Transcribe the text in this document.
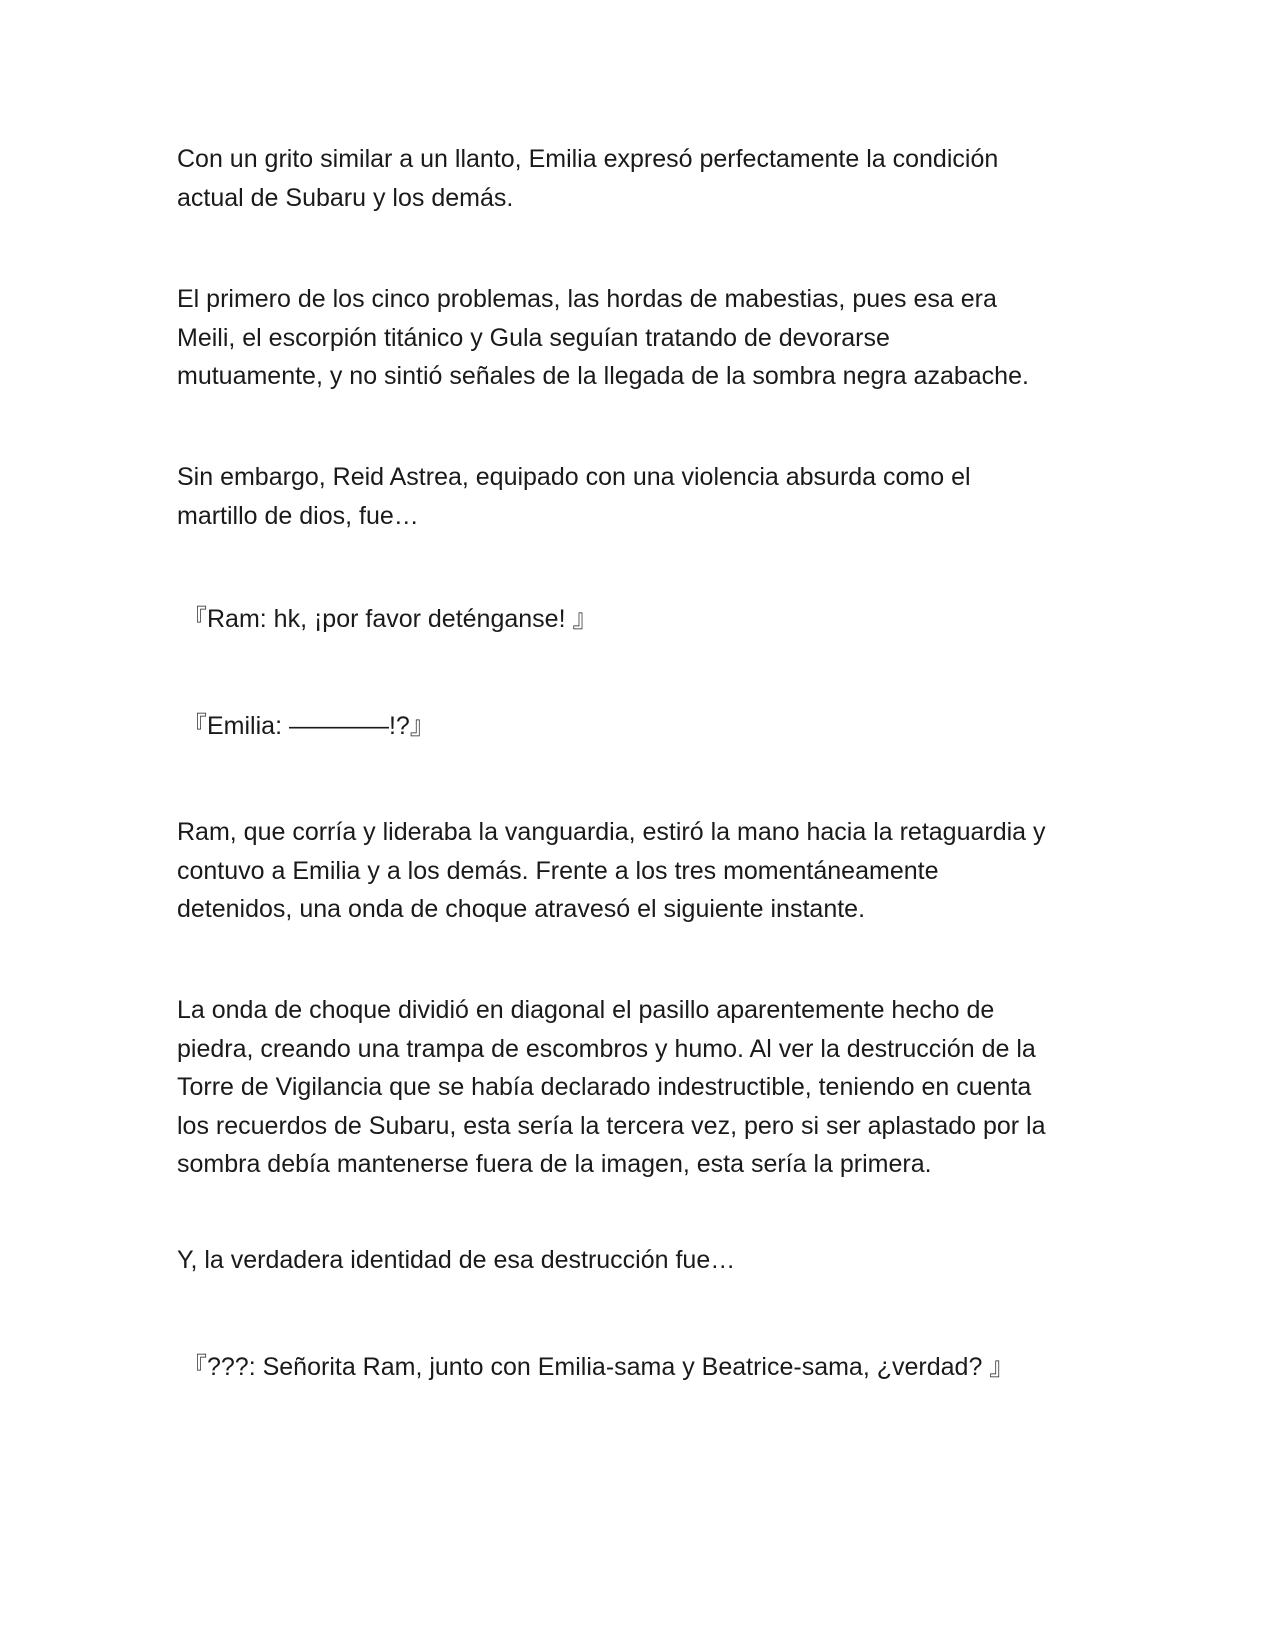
Con un grito similar a un llanto, Emilia expresó perfectamente la condición
actual de Subaru y los demás.

El primero de los cinco problemas, las hordas de mabestias, pues esa era
Meili, el escorpión titánico y Gula seguían tratando de devorarse
mutuamente, y no sintió señales de la llegada de la sombra negra azabache.

Sin embargo, Reid Astrea, equipado con una violencia absurda como el
martillo de dios, fue…

『Ram: hk, ¡por favor deténganse! 』

『Emilia: ————!?』

Ram, que corría y lideraba la vanguardia, estiró la mano hacia la retaguardia y
contuvo a Emilia y a los demás. Frente a los tres momentáneamente
detenidos, una onda de choque atravesó el siguiente instante.

La onda de choque dividió en diagonal el pasillo aparentemente hecho de
piedra, creando una trampa de escombros y humo. Al ver la destrucción de la
Torre de Vigilancia que se había declarado indestructible, teniendo en cuenta
los recuerdos de Subaru, esta sería la tercera vez, pero si ser aplastado por la
sombra debía mantenerse fuera de la imagen, esta sería la primera.

Y, la verdadera identidad de esa destrucción fue…

『???: Señorita Ram, junto con Emilia-sama y Beatrice-sama, ¿verdad? 』
